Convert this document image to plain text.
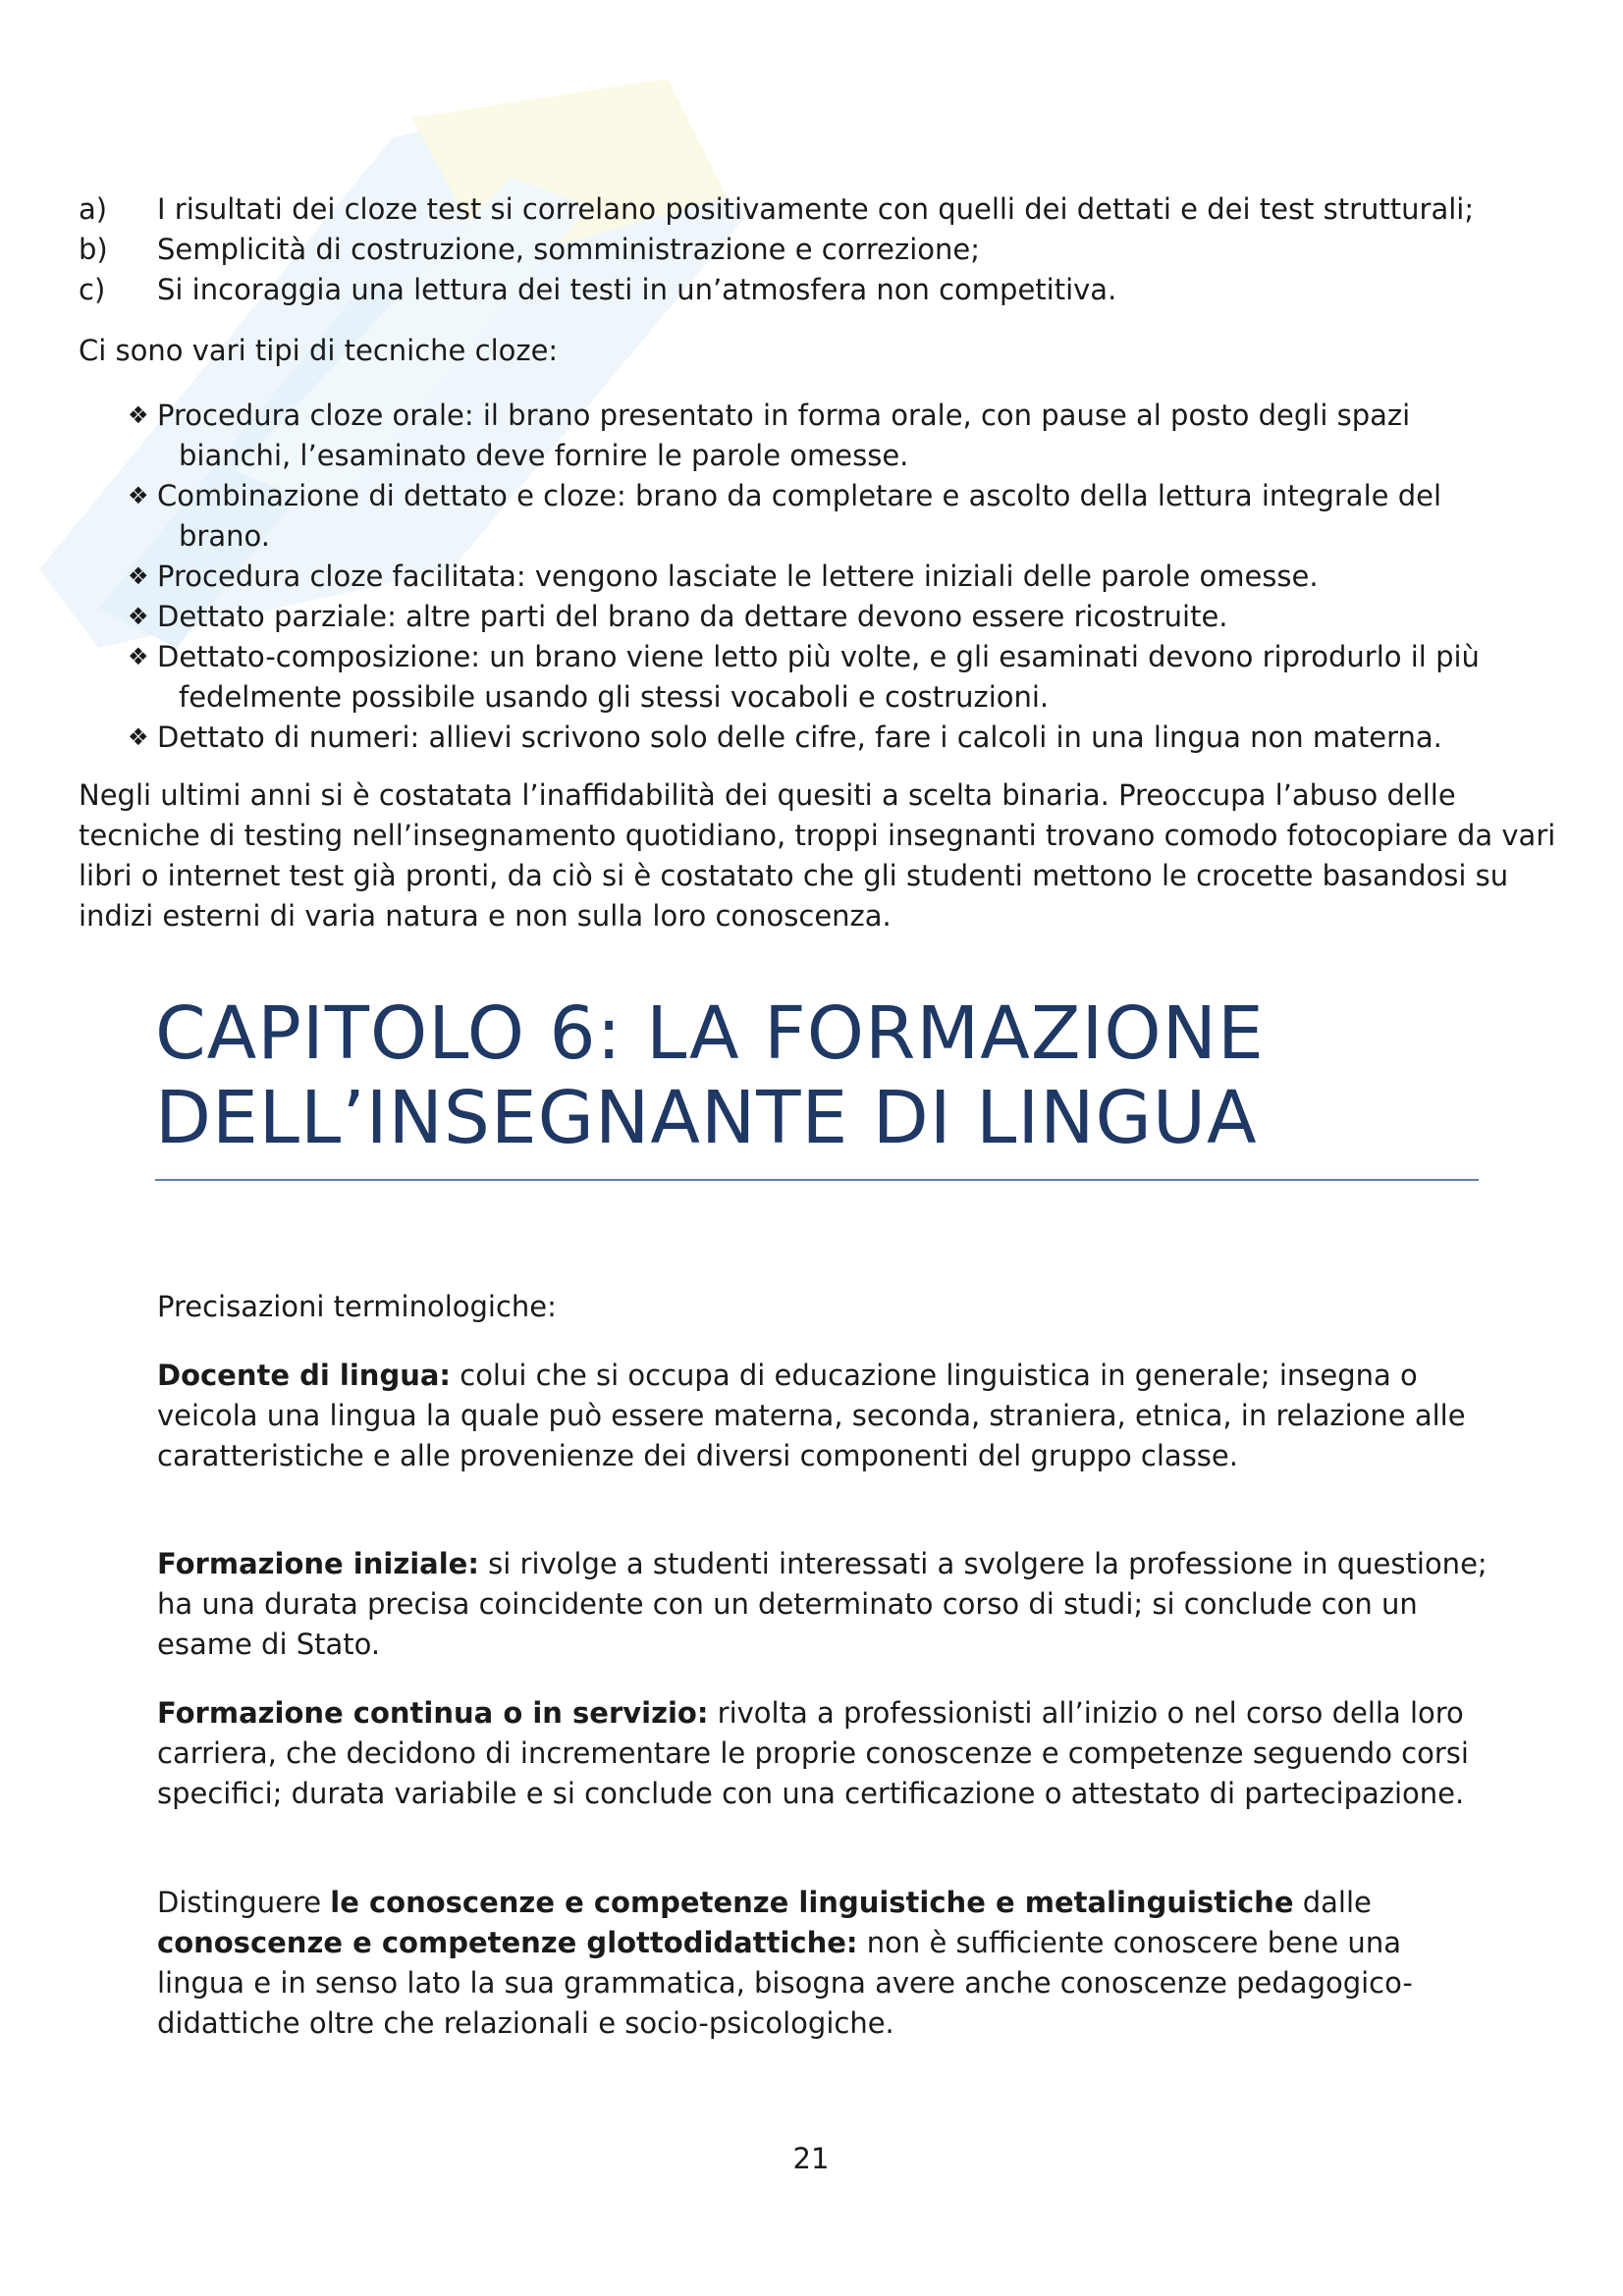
a)	I risultati dei cloze test si correlano positivamente con quelli dei dettati e dei test strutturali;
b)	Semplicità di costruzione, somministrazione e correzione;
c)	Si incoraggia una lettura dei testi in un’atmosfera non competitiva.
Ci sono vari tipi di tecniche cloze:
❖ Procedura cloze orale: il brano presentato in forma orale, con pause al posto degli spazi
bianchi, l’esaminato deve fornire le parole omesse.
❖ Combinazione di dettato e cloze: brano da completare e ascolto della lettura integrale del
brano.
❖ Procedura cloze facilitata: vengono lasciate le lettere iniziali delle parole omesse.
❖ Dettato parziale: altre parti del brano da dettare devono essere ricostruite.
❖ Dettato-composizione: un brano viene letto più volte, e gli esaminati devono riprodurlo il più
fedelmente possibile usando gli stessi vocaboli e costruzioni.
❖ Dettato di numeri: allievi scrivono solo delle cifre, fare i calcoli in una lingua non materna.
Negli ultimi anni si è costatata l’inaffidabilità dei quesiti a scelta binaria. Preoccupa l’abuso delle tecniche di testing nell’insegnamento quotidiano, troppi insegnanti trovano comodo fotocopiare da vari libri o internet test già pronti, da ciò si è costatato che gli studenti mettono le crocette basandosi su indizi esterni di varia natura e non sulla loro conoscenza.
CAPITOLO 6: LA FORMAZIONE
DELL’INSEGNANTE DI LINGUA
Precisazioni terminologiche:
Docente di lingua: colui che si occupa di educazione linguistica in generale; insegna o veicola una lingua la quale può essere materna, seconda, straniera, etnica, in relazione alle caratteristiche e alle provenienze dei diversi componenti del gruppo classe.
Formazione iniziale: si rivolge a studenti interessati a svolgere la professione in questione; ha una durata precisa coincidente con un determinato corso di studi; si conclude con un esame di Stato.
Formazione continua o in servizio: rivolta a professionisti all’inizio o nel corso della loro carriera, che decidono di incrementare le proprie conoscenze e competenze seguendo corsi specifici; durata variabile e si conclude con una certificazione o attestato di partecipazione.
Distinguere le conoscenze e competenze linguistiche e metalinguistiche dalle conoscenze e competenze glottodidattiche: non è sufficiente conoscere bene una lingua e in senso lato la sua grammatica, bisogna avere anche conoscenze pedagogico-didattiche oltre che relazionali e socio-psicologiche.
21
